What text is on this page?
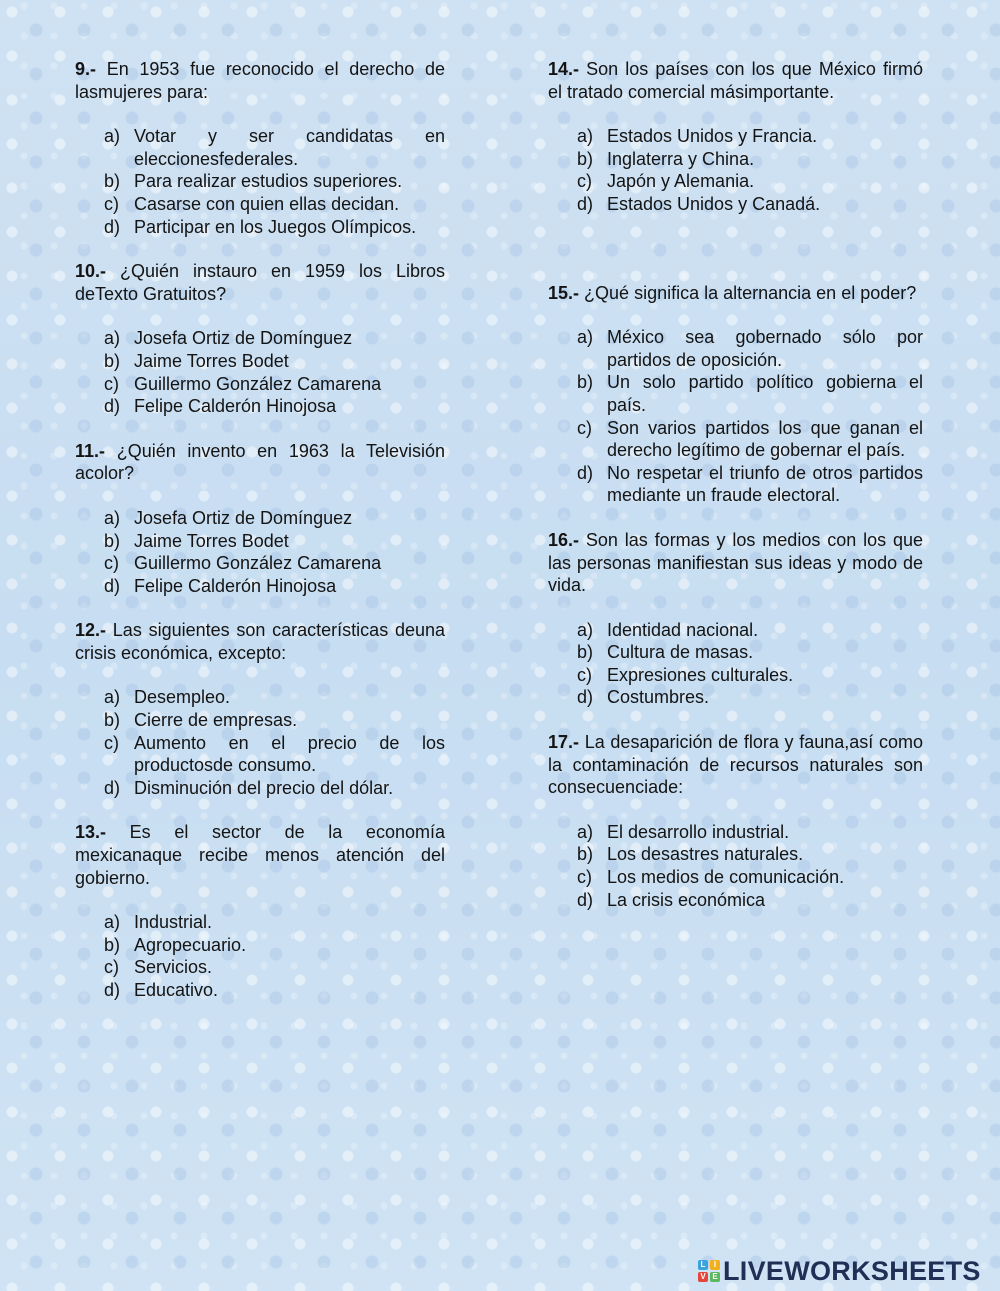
9.- En 1953 fue reconocido el derecho de lasmujeres para:

a) Votar y ser candidatas en eleccionesfederales.
b) Para realizar estudios superiores.
c) Casarse con quien ellas decidan.
d) Participar en los Juegos Olímpicos.

10.- ¿Quién instauro en 1959 los Libros deTexto Gratuitos?

a) Josefa Ortiz de Domínguez
b) Jaime Torres Bodet
c) Guillermo González Camarena
d) Felipe Calderón Hinojosa

11.- ¿Quién invento en 1963 la Televisión acolor?

a) Josefa Ortiz de Domínguez
b) Jaime Torres Bodet
c) Guillermo González Camarena
d) Felipe Calderón Hinojosa

12.- Las siguientes son características deuna crisis económica, excepto:

a) Desempleo.
b) Cierre de empresas.
c) Aumento en el precio de los productosde consumo.
d) Disminución del precio del dólar.

13.- Es el sector de la economía mexicanaque recibe menos atención del gobierno.

a) Industrial.
b) Agropecuario.
c) Servicios.
d) Educativo.

14.- Son los países con los que México firmó el tratado comercial másimportante.

a) Estados Unidos y Francia.
b) Inglaterra y China.
c) Japón y Alemania.
d) Estados Unidos y Canadá.

15.- ¿Qué significa la alternancia en el poder?

a) México sea gobernado sólo por partidos de oposición.
b) Un solo partido político gobierna el país.
c) Son varios partidos los que ganan el derecho legítimo de gobernar el país.
d) No respetar el triunfo de otros partidos mediante un fraude electoral.

16.- Son las formas y los medios con los que las personas manifiestan sus ideas y modo de vida.

a) Identidad nacional.
b) Cultura de masas.
c) Expresiones culturales.
d) Costumbres.

17.- La desaparición de flora y fauna,así como la contaminación de recursos naturales son consecuenciade:

a) El desarrollo industrial.
b) Los desastres naturales.
c) Los medios de comunicación.
d) La crisis económica
L	I
V E LIVEWORKSHEETS
